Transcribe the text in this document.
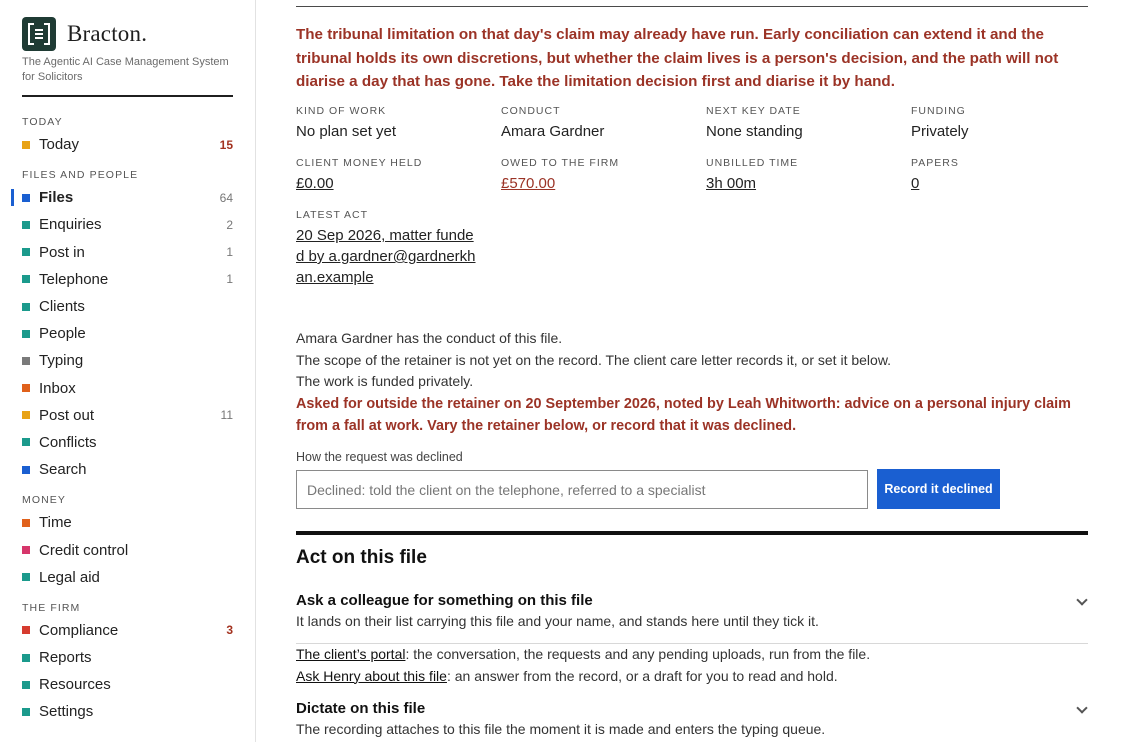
Bracton.
The Agentic AI Case Management System for Solicitors
TODAY
Today	15
FILES AND PEOPLE
Files	64
Enquiries	2
Post in	1
Telephone	1
Clients
People
Typing
Inbox
Post out	11
Conflicts
Search
MONEY
Time
Credit control
Legal aid
THE FIRM
Compliance	3
Reports
Resources
Settings

The tribunal limitation on that day's claim may already have run. Early conciliation can extend it and the tribunal holds its own discretions, but whether the claim lives is a person's decision, and the path will not diarise a day that has gone. Take the limitation decision first and diarise it by hand.

KIND OF WORK
No plan set yet
CONDUCT
Amara Gardner
NEXT KEY DATE
None standing
FUNDING
Privately
CLIENT MONEY HELD
£0.00
OWED TO THE FIRM
£570.00
UNBILLED TIME
3h 00m
PAPERS
0
LATEST ACT
20 Sep 2026, matter funded by a.gardner@gardnerkhan.example
Amara Gardner has the conduct of this file.
The scope of the retainer is not yet on the record. The client care letter records it, or set it below.
The work is funded privately.
Asked for outside the retainer on 20 September 2026, noted by Leah Whitworth: advice on a personal injury claim from a fall at work. Vary the retainer below, or record that it was declined.
How the request was declined
Declined: told the client on the telephone, referred to a specialist
Record it declined
Act on this file
Ask a colleague for something on this file
It lands on their list carrying this file and your name, and stands here until they tick it.
The client’s portal: the conversation, the requests and any pending uploads, run from the file.
Ask Henry about this file: an answer from the record, or a draft for you to read and hold.
Dictate on this file
The recording attaches to this file the moment it is made and enters the typing queue.
